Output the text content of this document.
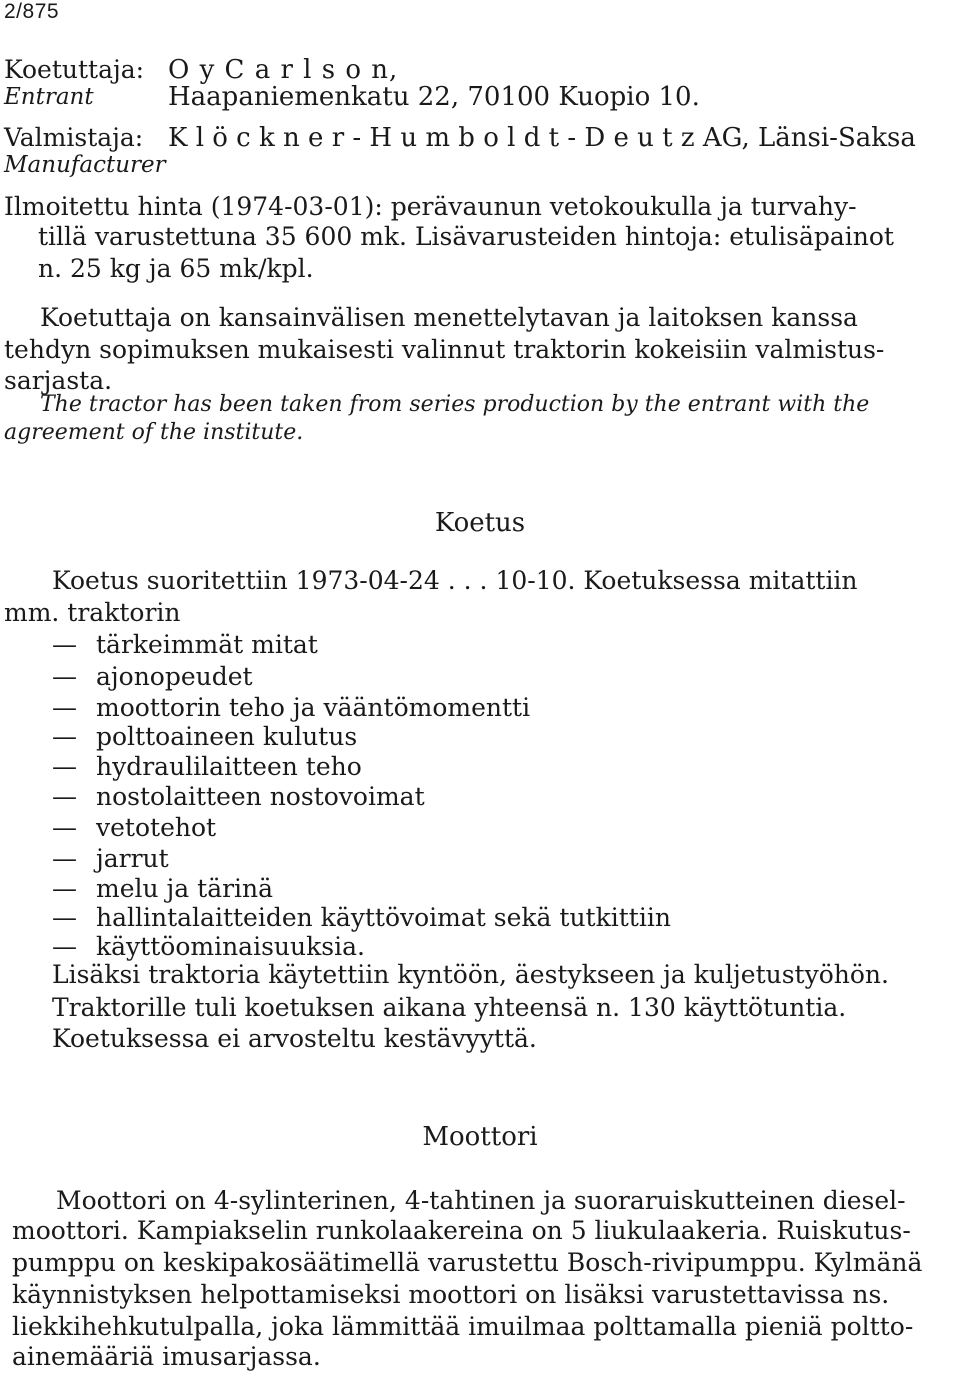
2/875
Koetuttaja:
Entrant
O y C a r l s o n,
Haapaniemenkatu 22, 70100 Kuopio 10.
Valmistaja:
Manufacturer
K l ö c k n e r - H u m b o l d t - D e u t z AG, Länsi-Saksa
Ilmoitettu hinta (1974-03-01): perävaunun vetokoukulla ja turvahy-
tillä varustettuna 35 600 mk. Lisävarusteiden hintoja: etulisäpainot
n. 25 kg ja 65 mk/kpl.
Koetuttaja on kansainvälisen menettelytavan ja laitoksen kanssa
tehdyn sopimuksen mukaisesti valinnut traktorin kokeisiin valmistus-
sarjasta.
The tractor has been taken from series production by the entrant with the
agreement of the institute.
Koetus
Koetus suoritettiin 1973-04-24 . . . 10-10. Koetuksessa mitattiin
mm. traktorin
— tärkeimmät mitat
— ajonopeudet
— moottorin teho ja vääntömomentti
— polttoaineen kulutus
— hydraulilaitteen teho
— nostolaitteen nostovoimat
— vetotehot
— jarrut
— melu ja tärinä
— hallintalaitteiden käyttövoimat sekä tutkittiin
— käyttöominaisuuksia.
Lisäksi traktoria käytettiin kyntöön, äestykseen ja kuljetustyöhön.
Traktorille tuli koetuksen aikana yhteensä n. 130 käyttötuntia.
Koetuksessa ei arvosteltu kestävyyttä.
Moottori
Moottori on 4-sylinterinen, 4-tahtinen ja suoraruiskutteinen diesel-
moottori. Kampiakselin runkolaakereina on 5 liukulaakeria. Ruiskutus-
pumppu on keskipakosäätimellä varustettu Bosch-rivipumppu. Kylmänä
käynnistyksen helpottamiseksi moottori on lisäksi varustettavissa ns.
liekkihehkutulpalla, joka lämmittää imuilmaa polttamalla pieniä poltto-
ainemääriä imusarjassa.
